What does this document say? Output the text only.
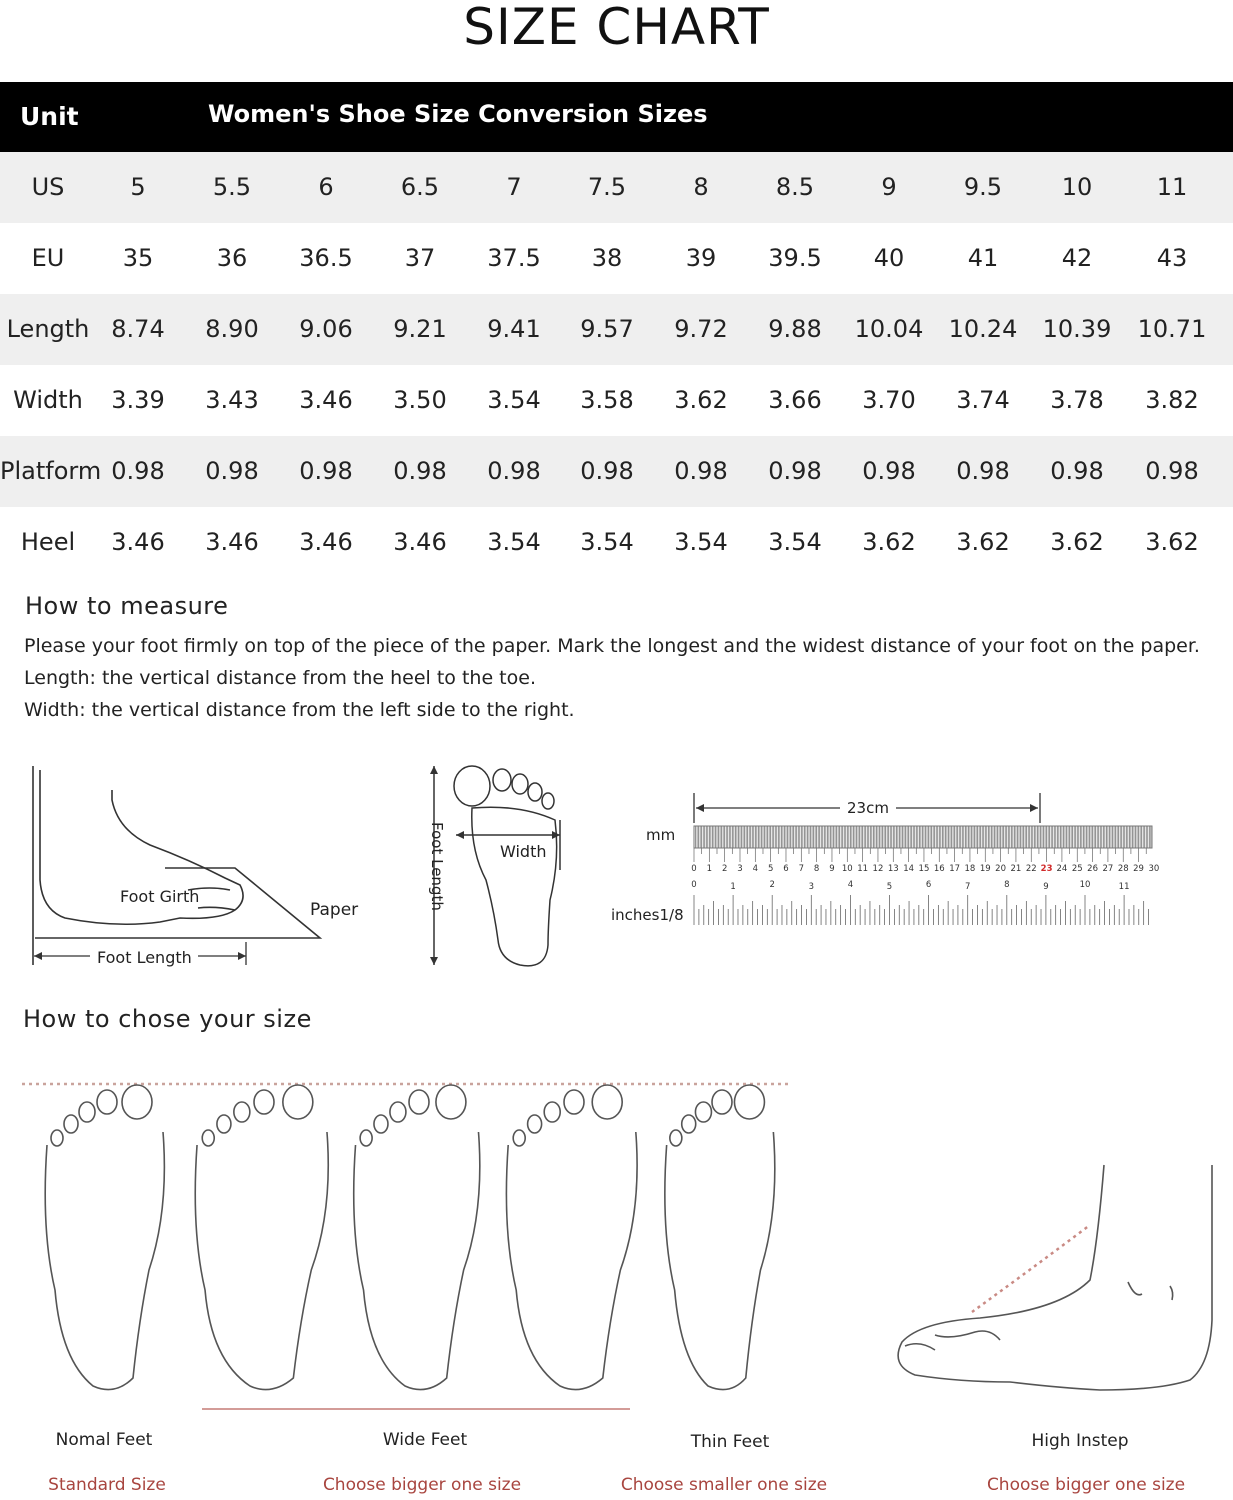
SIZE CHART
Unit	Women's Shoe Size Conversion Sizes
US	5	5.5	6	6.5	7	7.5	8	8.5	9	9.5	10	11
EU	35	36	36.5	37	37.5	38	39	39.5	40	41	42	43
Length 8.74	8.90	9.06	9.21	9.41	9.57	9.72	9.88	10.04	10.24	10.39	10.71
Width	3.39	3.43	3.46	3.50	3.54	3.58	3.62	3.66	3.70	3.74	3.78	3.82
Platform 0.98	0.98	0.98	0.98	0.98	0.98	0.98	0.98	0.98	0.98	0.98	0.98
Heel	3.46	3.46	3.46	3.46	3.54	3.54	3.54	3.54	3.62	3.62	3.62	3.62
How to measure
Please your foot firmly on top of the piece of the paper. Mark the longest and the widest distance of your foot on the paper.
Length: the vertical distance from the heel to the toe.
Width: the vertical distance from the left side to the right.
Foot Girth
Paper
Foot Length
Width
Foot Length	mm
inches1/8
23cm
0 1 2 3 4 5 6 7 8 9 10 11 12 13 14 15 16 17 18 19 20 21 22 23 24 25 26 27 28 29 30
0	1	2	3	4	5	6	7	8	9	10	11
How to chose your size
Nomal Feet
Standard Size
Wide Feet
Choose bigger one size
Thin Feet
Choose smaller one size
High Instep
Choose bigger one size
